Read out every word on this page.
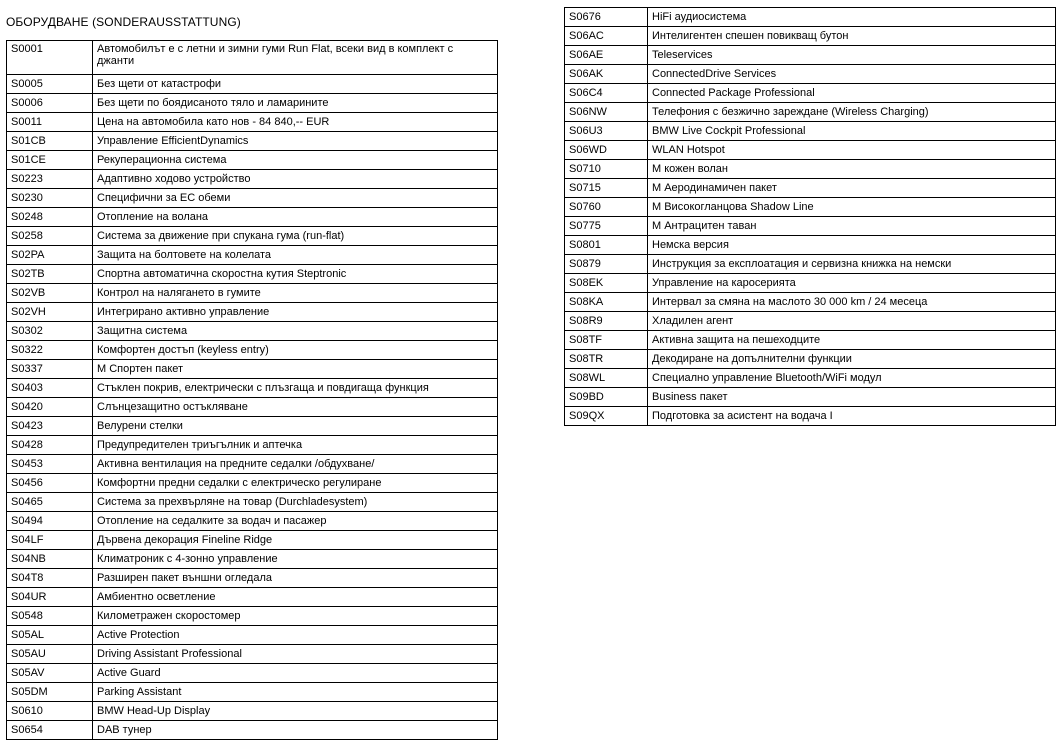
ОБОРУДВАНЕ (SONDERAUSSTATTUNG)
S0001	Автомобилът е с летни и зимни гуми Run Flat, всеки вид в комплект с джанти
S0005	Без щети от катастрофи
S0006	Без щети по боядисаното тяло и ламарините
S0011	Цена на автомобила като нов - 84 840,-- EUR
S01CB	Управление EfficientDynamics
S01CE	Рекуперационна система
S0223	Адаптивно ходово устройство
S0230	Специфични за ЕС обеми
S0248	Отопление на волана
S0258	Система за движение при спукана гума (run-flat)
S02PA	Защита на болтовете на колелата
S02TB	Спортна автоматична скоростна кутия Steptronic
S02VB	Контрол на налягането в гумите
S02VH	Интегрирано активно управление
S0302	Защитна система
S0322	Комфортен достъп (keyless entry)
S0337	M Спортен пакет
S0403	Стъклен покрив, електрически с плъзгаща и повдигаща функция
S0420	Слънцезащитно остъкляване
S0423	Велурени стелки
S0428	Предупредителен триъгълник и аптечка
S0453	Активна вентилация на предните седалки /обдухване/
S0456	Комфортни предни седалки с електрическо регулиране
S0465	Система за прехвърляне на товар (Durchladesystem)
S0494	Отопление на седалките за водач и пасажер
S04LF	Дървена декорация Fineline Ridge
S04NB	Климатроник с 4-зонно управление
S04T8	Разширен пакет външни огледала
S04UR	Амбиентно осветление
S0548	Километражен скоростомер
S05AL	Active Protection
S05AU	Driving Assistant Professional
S05AV	Active Guard
S05DM	Parking Assistant
S0610	BMW Head-Up Display
S0654	DAB тунер
S0676	HiFi аудиосистема
S06AC	Интелигентен спешен повикващ бутон
S06AE	Teleservices
S06AK	ConnectedDrive Services
S06C4	Connected Package Professional
S06NW	Телефония с безжично зареждане (Wireless Charging)
S06U3	BMW Live Cockpit Professional
S06WD	WLAN Hotspot
S0710	M кожен волан
S0715	M Аеродинамичен пакет
S0760	M Високогланцова Shadow Line
S0775	M Антрацитен таван
S0801	Немска версия
S0879	Инструкция за експлоатация и сервизна книжка на немски
S08EK	Управление на каросерията
S08KA	Интервал за смяна на маслото 30 000 km / 24 месеца
S08R9	Хладилен агент
S08TF	Активна защита на пешеходците
S08TR	Декодиране на допълнителни функции
S08WL	Специално управление Bluetooth/WiFi модул
S09BD	Business пакет
S09QX	Подготовка за асистент на водача I
